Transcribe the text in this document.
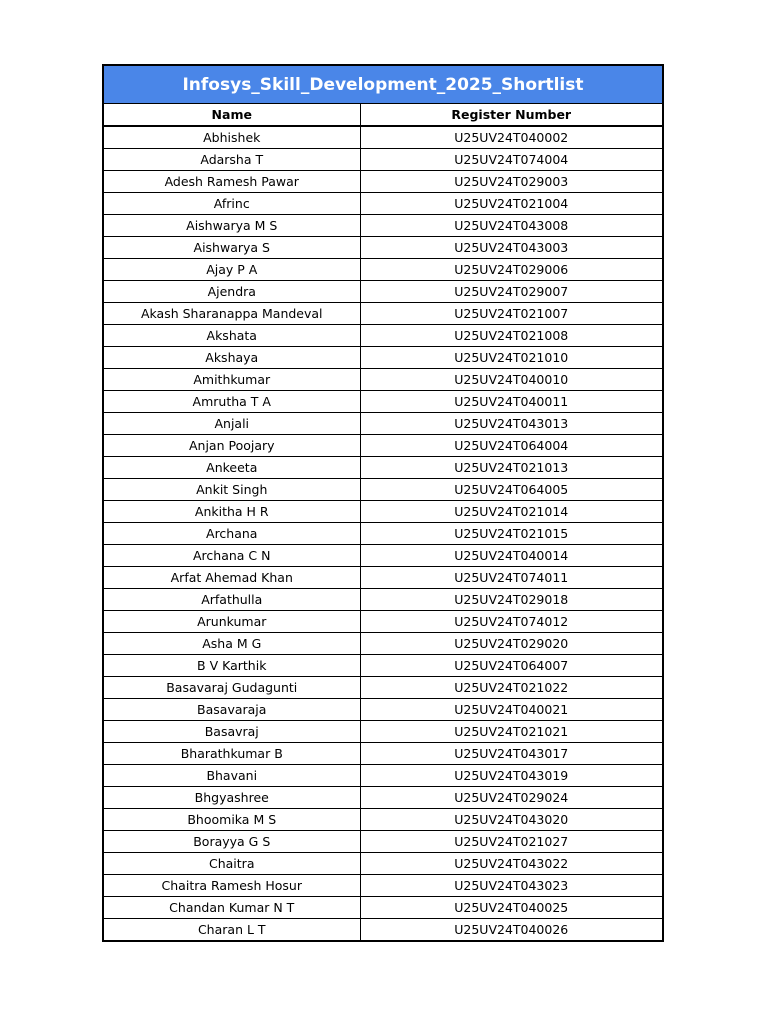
Infosys_Skill_Development_2025_Shortlist
Name	Register Number
Abhishek	U25UV24T040002
Adarsha T	U25UV24T074004
Adesh Ramesh Pawar	U25UV24T029003
Afrinc	U25UV24T021004
Aishwarya M S	U25UV24T043008
Aishwarya S	U25UV24T043003
Ajay P A	U25UV24T029006
Ajendra	U25UV24T029007
Akash Sharanappa Mandeval	U25UV24T021007
Akshata	U25UV24T021008
Akshaya	U25UV24T021010
Amithkumar	U25UV24T040010
Amrutha T A	U25UV24T040011
Anjali	U25UV24T043013
Anjan Poojary	U25UV24T064004
Ankeeta	U25UV24T021013
Ankit Singh	U25UV24T064005
Ankitha H R	U25UV24T021014
Archana	U25UV24T021015
Archana C N	U25UV24T040014
Arfat Ahemad Khan	U25UV24T074011
Arfathulla	U25UV24T029018
Arunkumar	U25UV24T074012
Asha M G	U25UV24T029020
B V Karthik	U25UV24T064007
Basavaraj Gudagunti	U25UV24T021022
Basavaraja	U25UV24T040021
Basavraj	U25UV24T021021
Bharathkumar B	U25UV24T043017
Bhavani	U25UV24T043019
Bhgyashree	U25UV24T029024
Bhoomika M S	U25UV24T043020
Borayya G S	U25UV24T021027
Chaitra	U25UV24T043022
Chaitra Ramesh Hosur	U25UV24T043023
Chandan Kumar N T	U25UV24T040025
Charan L T	U25UV24T040026
